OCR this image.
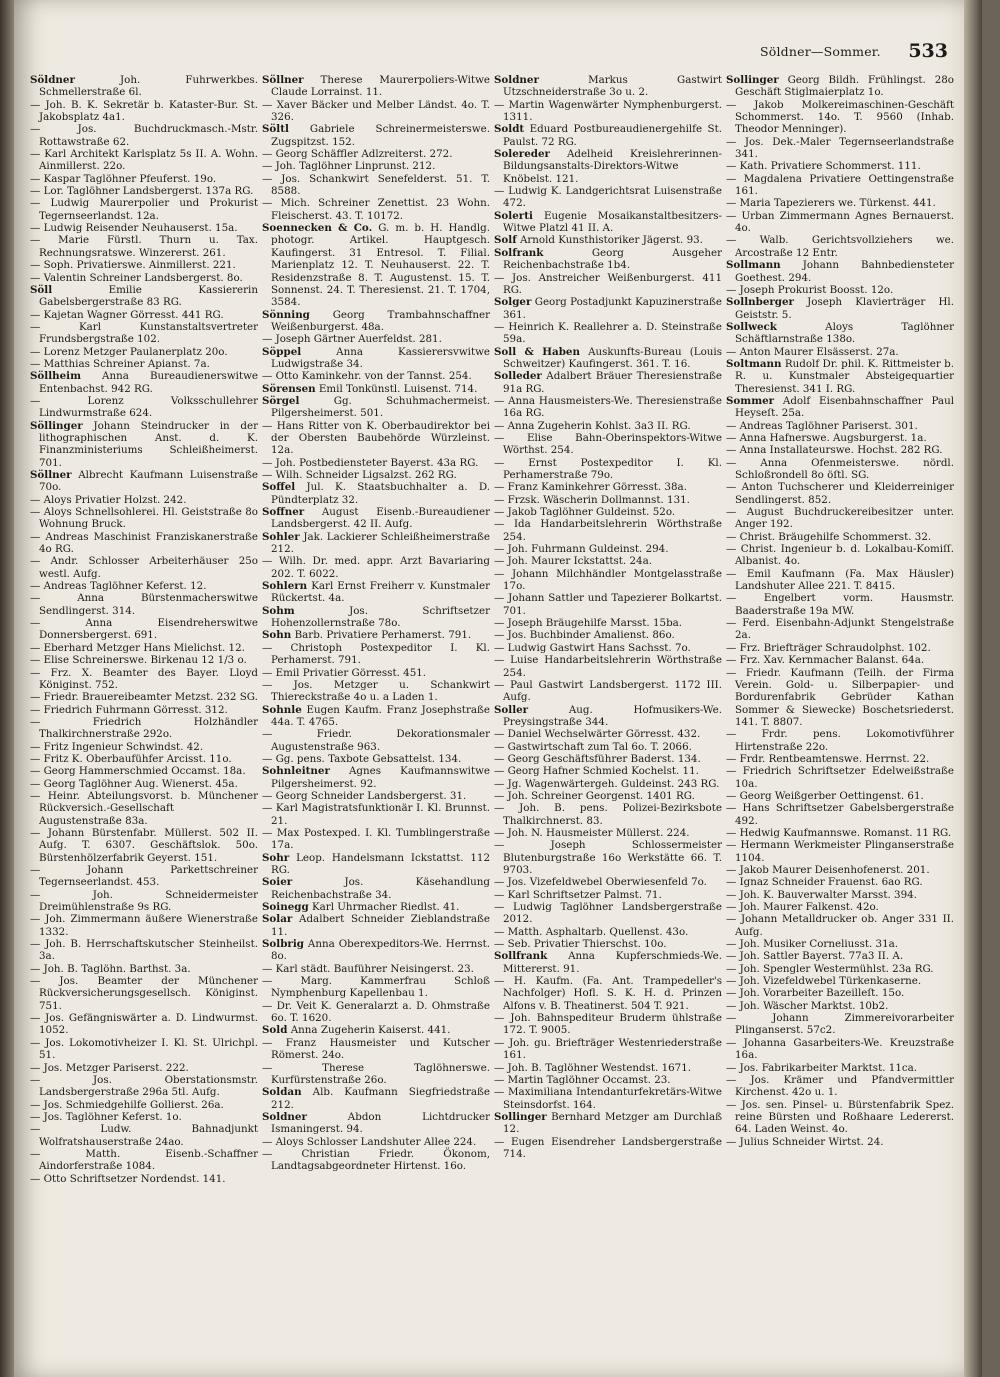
Söldner—Sommer. 533
Söldner	Joh. Fuhrwerkbes. Schmellerstraße 6l.
— Joh. B. K. Sekretär b. Kataster-Bur. St. Jakobsplatz 4a1.
— Jos. Buchdruckmasch.-Mstr. Rottawstraße 62.
— Karl Architekt Karlsplatz 5s II. A. Wohn. Ainmillerst. 22o.
— Kaspar Taglöhner Pfeuferst. 19o.
— Lor. Taglöhner Landsbergerst. 137a RG.
— Ludwig Maurerpolier und Prokurist Tegernseerlandst. 12a.
— Ludwig Reisender Neuhauserst. 15a.
— Marie Fürstl. Thurn u. Tax. Rechnungsratswe. Winzererst. 261.
— Soph. Privatierswe. Ainmillerst. 221.
— Valentin Schreiner Landsbergerst. 8o.
Söll	Emilie Kassiererin Gabelsbergerstraße 83 RG.
— Kajetan Wagner Görresst. 441 RG.
— Karl Kunstanstaltsvertreter Frundsbergstraße 102.
— Lorenz Metzger Paulanerplatz 20o.
— Matthias Schreiner Apianst. 7a.
Söllheim Anna Bureaudienerswitwe Entenbachst. 942 RG.
— Lorenz Volksschullehrer Lindwurmstraße 624.
Söllinger Johann Steindrucker in der lithographischen Anst. d. K. Finanzministeriums Schleißheimerst. 701.
Söllner Albrecht Kaufmann Luisenstraße 70o.
— Aloys Privatier Holzst. 242.
— Aloys Schnellsohlerei. Hl. Geiststraße 8o Wohnung Bruck.
— Andreas Maschinist Franziskanerstraße 4o RG.
— Andr. Schlosser Arbeiterhäuser 25o westl. Aufg.
— Andreas Taglöhner Keferst. 12.
— Anna Bürstenmacherswitwe Sendlingerst. 314.
— Anna Eisendreherswitwe Donnersbergerst. 691.
— Eberhard Metzger Hans Mielichst. 12.
— Elise Schreinerswe. Birkenau 12 1/3 o.
— Frz. X. Beamter des Bayer. Lloyd Königinst. 752.
— Friedr. Brauereibeamter Metzst. 232 SG.
— Friedrich Fuhrmann Görresst. 312.
— Friedrich Holzhändler Thalkirchnerstraße 292o.
— Fritz Ingenieur Schwindst. 42.
— Fritz K. Oberbaufühfer Arcisst. 11o.
— Georg Hammerschmied Occamst. 18a.
— Georg Taglöhner Aug. Wienerst. 45a.
— Heinr. Abteilungsvorst. b. Münchener Rückversich.-Gesellschaft Augustenstraße 83a.
— Johann Bürstenfabr. Müllerst. 502 II. Aufg. T. 6307. Geschäftslok. 50o. Bürstenhölzerfabrik Geyerst. 151.
— Johann Parkettschreiner Tegernseerlandst. 453.
— Joh. Schneidermeister Dreimühlenstraße 9s RG.
— Joh. Zimmermann äußere Wienerstraße 1332.
— Joh. B. Herrschaftskutscher Steinheilst. 3a.
— Joh. B. Taglöhn. Barthst. 3a.
— Jos. Beamter der Münchener Rückversicherungsgesellsch. Königinst. 751.
— Jos. Gefängniswärter a. D. Lindwurmst. 1052.
— Jos. Lokomotivheizer I. Kl. St. Ulrichpl. 51.
— Jos. Metzger Pariserst. 222.
— Jos. Oberstationsmstr. Landsbergerstraße 296a 5tl. Aufg.
— Jos. Schmiedgehilfe Gollierst. 26a.
— Jos. Taglöhner Keferst. 1o.
— Ludw. Bahnadjunkt Wolfratshauserstraße 24ao.
— Matth. Eisenb.-Schaffner Aindorferstraße 1084.
— Otto Schriftsetzer Nordendst. 141.
Söllner Therese Maurerpoliers-Witwe Claude Lorrainst. 11.
— Xaver Bäcker und Melber Ländst. 4o. T. 326.
Söltl Gabriele Schreinermeisterswe. Zugspitzst. 152.
— Georg Schäffler Adlzreiterst. 272.
— Joh. Taglöhner Linprunst. 212.
— Jos. Schankwirt Senefelderst. 51. T. 8588.
— Mich. Schreiner Zenettist. 23 Wohn. Fleischerst. 43. T. 10172.
Soennecken & Co. G. m. b. H. Handlg. photogr. Artikel. Hauptgesch. Kaufingerst. 31 Entresol. T. Filial. Marienplatz 12. T. Neuhauserst. 22. T. Residenzstraße 8. T. Augustenst. 15. T. Sonnenst. 24. T. Theresienst. 21. T. 1704, 3584.
Sönning Georg Trambahnschaffner Weißenburgerst. 48a.
— Joseph Gärtner Auerfeldst. 281.
Söppel	Anna Kassierersvwitwe Ludwigstraße 34.
— Otto Kaminkehr. von der Tannst. 254.
Sörensen Emil Tonkünstl. Luisenst. 714.
Sörgel	Gg. Schuhmachermeist. Pilgersheimerst. 501.
— Hans Ritter von K. Oberbaudirektor bei der Obersten Baubehörde Würzleinst. 12a.
— Joh. Postbediensteter Bayerst. 43a RG.
— Wilh. Schneider Ligsalzst. 262 RG.
Soffel Jul. K. Staatsbuchhalter a. D. Pündterplatz 32.
Soffner August Eisenb.-Bureaudiener Landsbergerst. 42 II. Aufg.
Sohler Jak. Lackierer Schleißheimerstraße 212.
— Wilh. Dr. med. appr. Arzt Bavariaring 202. T. 6022.
Sohlern Karl Ernst Freiherr v. Kunstmaler Rückertst. 4a.
Sohm	Jos. Schriftsetzer Hohenzollernstraße 78o.
Sohn Barb. Privatiere Perhamerst. 791.
— Christoph Postexpeditor I. Kl. Perhamerst. 791.
— Emil Privatier Görresst. 451.
— Jos. Metzger u. Schankwirt Thiereckstraße 4o u. a Laden 1.
Sohnle Eugen Kaufm. Franz Josephstraße 44a. T. 4765.
— Friedr. Dekorationsmaler Augustenstraße 963.
— Gg. pens. Taxbote Gebsattelst. 134.
Sohnleitner Agnes Kaufmannswitwe Pilgersheimerst. 92.
— Georg Schneider Landsbergerst. 31.
— Karl Magistratsfunktionär I. Kl. Brunnst. 21.
— Max Postexped. I. Kl. Tumblingerstraße 17a.
Sohr Leop. Handelsmann Ickstattst. 112 RG.
Soier	Jos. Käsehandlung Reichenbachstraße 34.
Soinegg Karl Uhrmacher Riedlst. 41.
Solar Adalbert Schneider Zieblandstraße 11.
Solbrig Anna Oberexpeditors-We. Herrnst. 8o.
— Karl städt. Bauführer Neisingerst. 23.
— Marg. Kammerfrau Schloß Nymphenburg Kapellenbau 1.
— Dr. Veit K. Generalarzt a. D. Ohmstraße 6o. T. 1620.
Sold Anna Zugeherin Kaiserst. 441.
— Franz Hausmeister und Kutscher Römerst. 24o.
— Therese Taglöhnerswe. Kurfürstenstraße 26o.
Soldan Alb. Kaufmann Siegfriedstraße 212.
Soldner	Abdon Lichtdrucker Ismaningerst. 94.
— Aloys Schlosser Landshuter Allee 224.
— Christian Friedr. Ökonom, Landtagsabgeordneter Hirtenst. 16o.
Soldner	Markus Gastwirt Utzschneiderstraße 3o u. 2.
— Martin Wagenwärter Nymphenburgerst. 1311.
Soldt Eduard Postbureaudienergehilfe St. Paulst. 72 RG.
Solereder Adelheid Kreislehrerinnen-Bildungsanstalts-Direktors-Witwe Knöbelst. 121.
— Ludwig K. Landgerichtsrat Luisenstraße 472.
Solerti Eugenie Mosaikanstaltbesitzers-Witwe Platzl 41 II. A.
Solf Arnold Kunsthistoriker Jägerst. 93.
Solfrank	Georg Ausgeher Reichenbachstraße 1b4.
— Jos. Anstreicher Weißenburgerst. 411 RG.
Solger Georg Postadjunkt Kapuzinerstraße 361.
— Heinrich K. Reallehrer a. D. Steinstraße 59a.
Soll & Haben Auskunfts-Bureau (Louis Schweitzer) Kaufingerst. 361. T. 16.
Solleder Adalbert Bräuer Theresienstraße 91a RG.
— Anna Hausmeisters-We. Theresienstraße 16a RG.
— Anna Zugeherin Kohlst. 3a3 II. RG.
— Elise Bahn-Oberinspektors-Witwe Wörthst. 254.
— Ernst Postexpeditor I. Kl. Perhamerstraße 79o.
— Franz Kaminkehrer Görresst. 38a.
— Frzsk. Wäscherin Dollmannst. 131.
— Jakob Taglöhner Guldeinst. 52o.
— Ida Handarbeitslehrerin Wörthstraße 254.
— Joh. Fuhrmann Guldeinst. 294.
— Joh. Maurer Ickstattst. 24a.
— Johann Milchhändler Montgelasstraße 17o.
— Johann Sattler und Tapezierer Bolkartst. 701.
— Joseph Bräugehilfe Marsst. 15ba.
— Jos. Buchbinder Amalienst. 86o.
— Ludwig Gastwirt Hans Sachsst. 7o.
— Luise Handarbeitslehrerin Wörthstraße 254.
— Paul Gastwirt Landsbergerst. 1172 III. Aufg.
Soller	Aug. Hofmusikers-We. Preysingstraße 344.
— Daniel Wechselwärter Görresst. 432.
— Gastwirtschaft zum Tal 6o. T. 2066.
— Georg Geschäftsführer Baderst. 134.
— Georg Hafner Schmied Kochelst. 11.
— Jg. Wagenwärtergeh. Guldeinst. 243 RG.
— Joh. Schreiner Georgenst. 1401 RG.
— Joh. B. pens. Polizei-Bezirksbote Thalkirchnerst. 83.
— Joh. N. Hausmeister Müllerst. 224.
— Joseph Schlossermeister Blutenburgstraße 16o Werkstätte 66. T. 9703.
— Jos. Vizefeldwebel Oberwiesenfeld 7o.
— Karl Schriftsetzer Palmst. 71.
— Ludwig Taglöhner Landsbergerstraße 2012.
— Matth. Asphaltarb. Quellenst. 43o.
— Seb. Privatier Thierschst. 10o.
Sollfrank Anna Kupferschmieds-We. Mittererst. 91.
— H. Kaufm. (Fa. Ant. Trampedeller's Nachfolger) Hofl. S. K. H. d. Prinzen Alfons v. B. Theatinerst. 504 T. 921.
— Joh. Bahnspediteur Bruderm ühlstraße 172. T. 9005.
— Joh. gu. Briefträger Westenriederstraße 161.
— Joh. B. Taglöhner Westendst. 1671.
— Martin Taglöhner Occamst. 23.
— Maximiliana Intendanturfekretärs-Witwe Steinsdorfst. 164.
Sollinger Bernhard Metzger am Durchlaß 12.
— Eugen Eisendreher Landsbergerstraße 714.
Sollinger Georg Bildh. Frühlingst. 28o Geschäft Stiglmaierplatz 1o.
— Jakob Molkereimaschinen-Geschäft Schommerst. 14o. T. 9560 (Inhab. Theodor Menninger).
— Jos. Dek.-Maler Tegernseerlandstraße 341.
— Kath. Privatiere Schommerst. 111.
— Magdalena Privatiere Oettingenstraße 161.
— Maria Tapezierers we. Türkenst. 441.
— Urban Zimmermann Agnes Bernauerst. 4o.
— Walb. Gerichtsvollziehers we. Arcostraße 12 Entr.
Sollmann Johann Bahnbediensteter Goethest. 294.
— Joseph Prokurist Boosst. 12o.
Sollnberger Joseph Klavierträger Hl. Geiststr. 5.
Sollweck	Aloys Taglöhner Schäftlarnstraße 138o.
— Anton Maurer Elsässerst. 27a.
Soltmann Rudolf Dr. phil. K. Rittmeister b. R. u. Kunstmaler Absteigequartier Theresienst. 341 I. RG.
Sommer Adolf Eisenbahnschaffner Paul Heyseſt. 25a.
— Andreas Taglöhner Pariserst. 301.
— Anna Hafnerswe. Augsburgerst. 1a.
— Anna Installateurswe. Hochst. 282 RG.
— Anna Ofenmeisterswe. nördl. Schloßrondell 8o öſtl. SG.
— Anton Tuchscherer und Kleiderreiniger Sendlingerst. 852.
— August Buchdruckereibesitzer unter. Anger 192.
— Christ. Bräugehilfe Schommerst. 32.
— Christ. Ingenieur b. d. Lokalbau-Komiſſ. Albanist. 4o.
— Emil Kaufmann (Fa. Max Häusler) Landshuter Allee 221. T. 8415.
— Engelbert vorm. Hausmstr. Baaderstraße 19a MW.
— Ferd. Eisenbahn-Adjunkt Stengelstraße 2a.
— Frz. Briefträger Schraudolphst. 102.
— Frz. Xav. Kernmacher Balanst. 64a.
— Friedr. Kaufmann (Teilh. der Firma Verein. Gold- u. Silberpapier- und Bordurenfabrik Gebrüder Kathan Sommer & Siewecke) Boschetsriederst. 141. T. 8807.
— Frdr. pens. Lokomotivführer Hirtenstraße 22o.
— Frdr. Rentbeamtenswe. Herrnst. 22.
— Friedrich Schriftsetzer Edelweißstraße 10a.
— Georg Weißgerber Oettingenst. 61.
— Hans Schriftsetzer Gabelsbergerstraße 492.
— Hedwig Kaufmannswe. Romanst. 11 RG.
— Hermann Werkmeister Plinganserstraße 1104.
— Jakob Maurer Deisenhofenerst. 201.
— Ignaz Schneider Frauenst. 6ao RG.
— Joh. K. Bauverwalter Marsst. 394.
— Joh. Maurer Falkenst. 42o.
— Johann Metalldrucker ob. Anger 331 II. Aufg.
— Joh. Musiker Corneliusst. 31a.
— Joh. Sattler Bayerst. 77a3 II. A.
— Joh. Spengler Westermühlst. 23a RG.
— Joh. Vizefeldwebel Türkenkaserne.
— Joh. Vorarbeiter Bazeilleſt. 15o.
— Joh. Wäscher Marktst. 10b2.
— Johann Zimmereivorarbeiter Plinganserst. 57c2.
— Johanna Gasarbeiters-We. Kreuzstraße 16a.
— Jos. Fabrikarbeiter Marktst. 11ca.
— Jos. Krämer und Pfandvermittler Kirchenst. 42o u. 1.
— Jos. sen. Pinsel- u. Bürstenfabrik Spez. reine Bürsten und Roßhaare Ledererst. 64. Laden Weinst. 4o.
— Julius Schneider Wirtst. 24.
